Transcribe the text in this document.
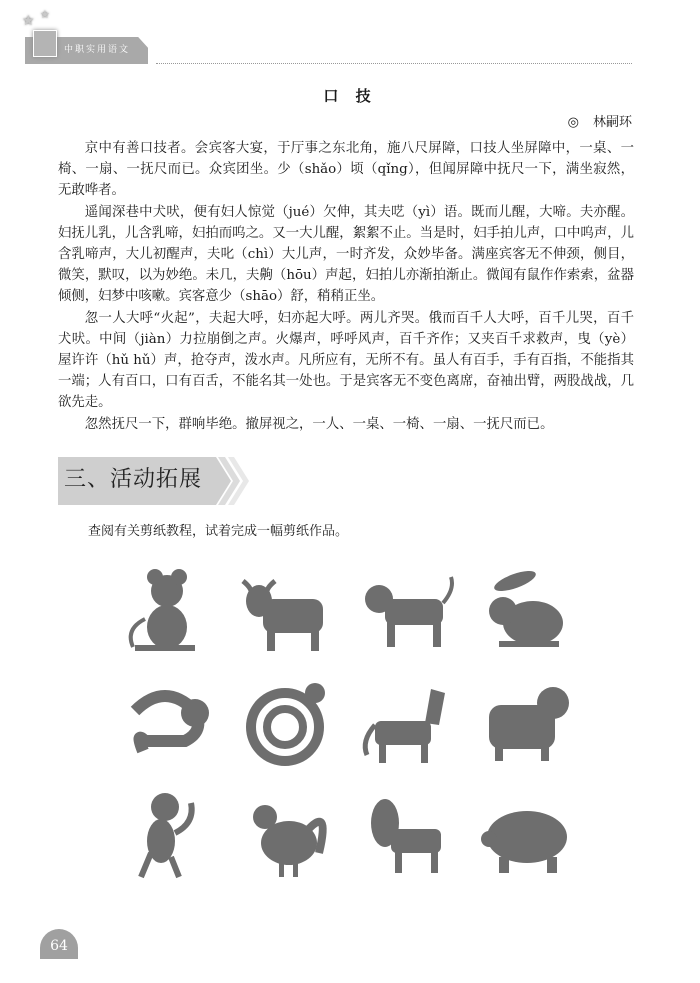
★ ★
中职实用语文
口 技
◎ 林嗣环

京中有善口技者。会宾客大宴，于厅事之东北角，施八尺屏障，口技人坐屏障中，一桌、一椅、一扇、一抚尺而已。众宾团坐。少（shǎo）顷（qǐng），但闻屏障中抚尺一下，满坐寂然，无敢哗者。

遥闻深巷中犬吠，便有妇人惊觉（jué）欠伸，其夫呓（yì）语。既而儿醒，大啼。夫亦醒。妇抚儿乳，儿含乳啼，妇拍而呜之。又一大儿醒，絮絮不止。当是时，妇手拍儿声，口中呜声，儿含乳啼声，大儿初醒声，夫叱（chì）大儿声，一时齐发，众妙毕备。满座宾客无不伸颈，侧目，微笑，默叹，以为妙绝。未几，夫齁（hōu）声起，妇拍儿亦渐拍渐止。微闻有鼠作作索索，盆器倾侧，妇梦中咳嗽。宾客意少（shāo）舒，稍稍正坐。

忽一人大呼“火起”，夫起大呼，妇亦起大呼。两儿齐哭。俄而百千人大呼，百千儿哭，百千犬吠。中间（jiàn）力拉崩倒之声。火爆声，呼呼风声，百千齐作；又夹百千求救声，曳（yè）屋许许（hǔ hǔ）声，抢夺声，泼水声。凡所应有，无所不有。虽人有百手，手有百指，不能指其一端；人有百口，口有百舌，不能名其一处也。于是宾客无不变色离席，奋袖出臂，两股战战，几欲先走。

忽然抚尺一下，群响毕绝。撤屏视之，一人、一桌、一椅、一扇、一抚尺而已。

三、活动拓展
查阅有关剪纸教程，试着完成一幅剪纸作品。
64
